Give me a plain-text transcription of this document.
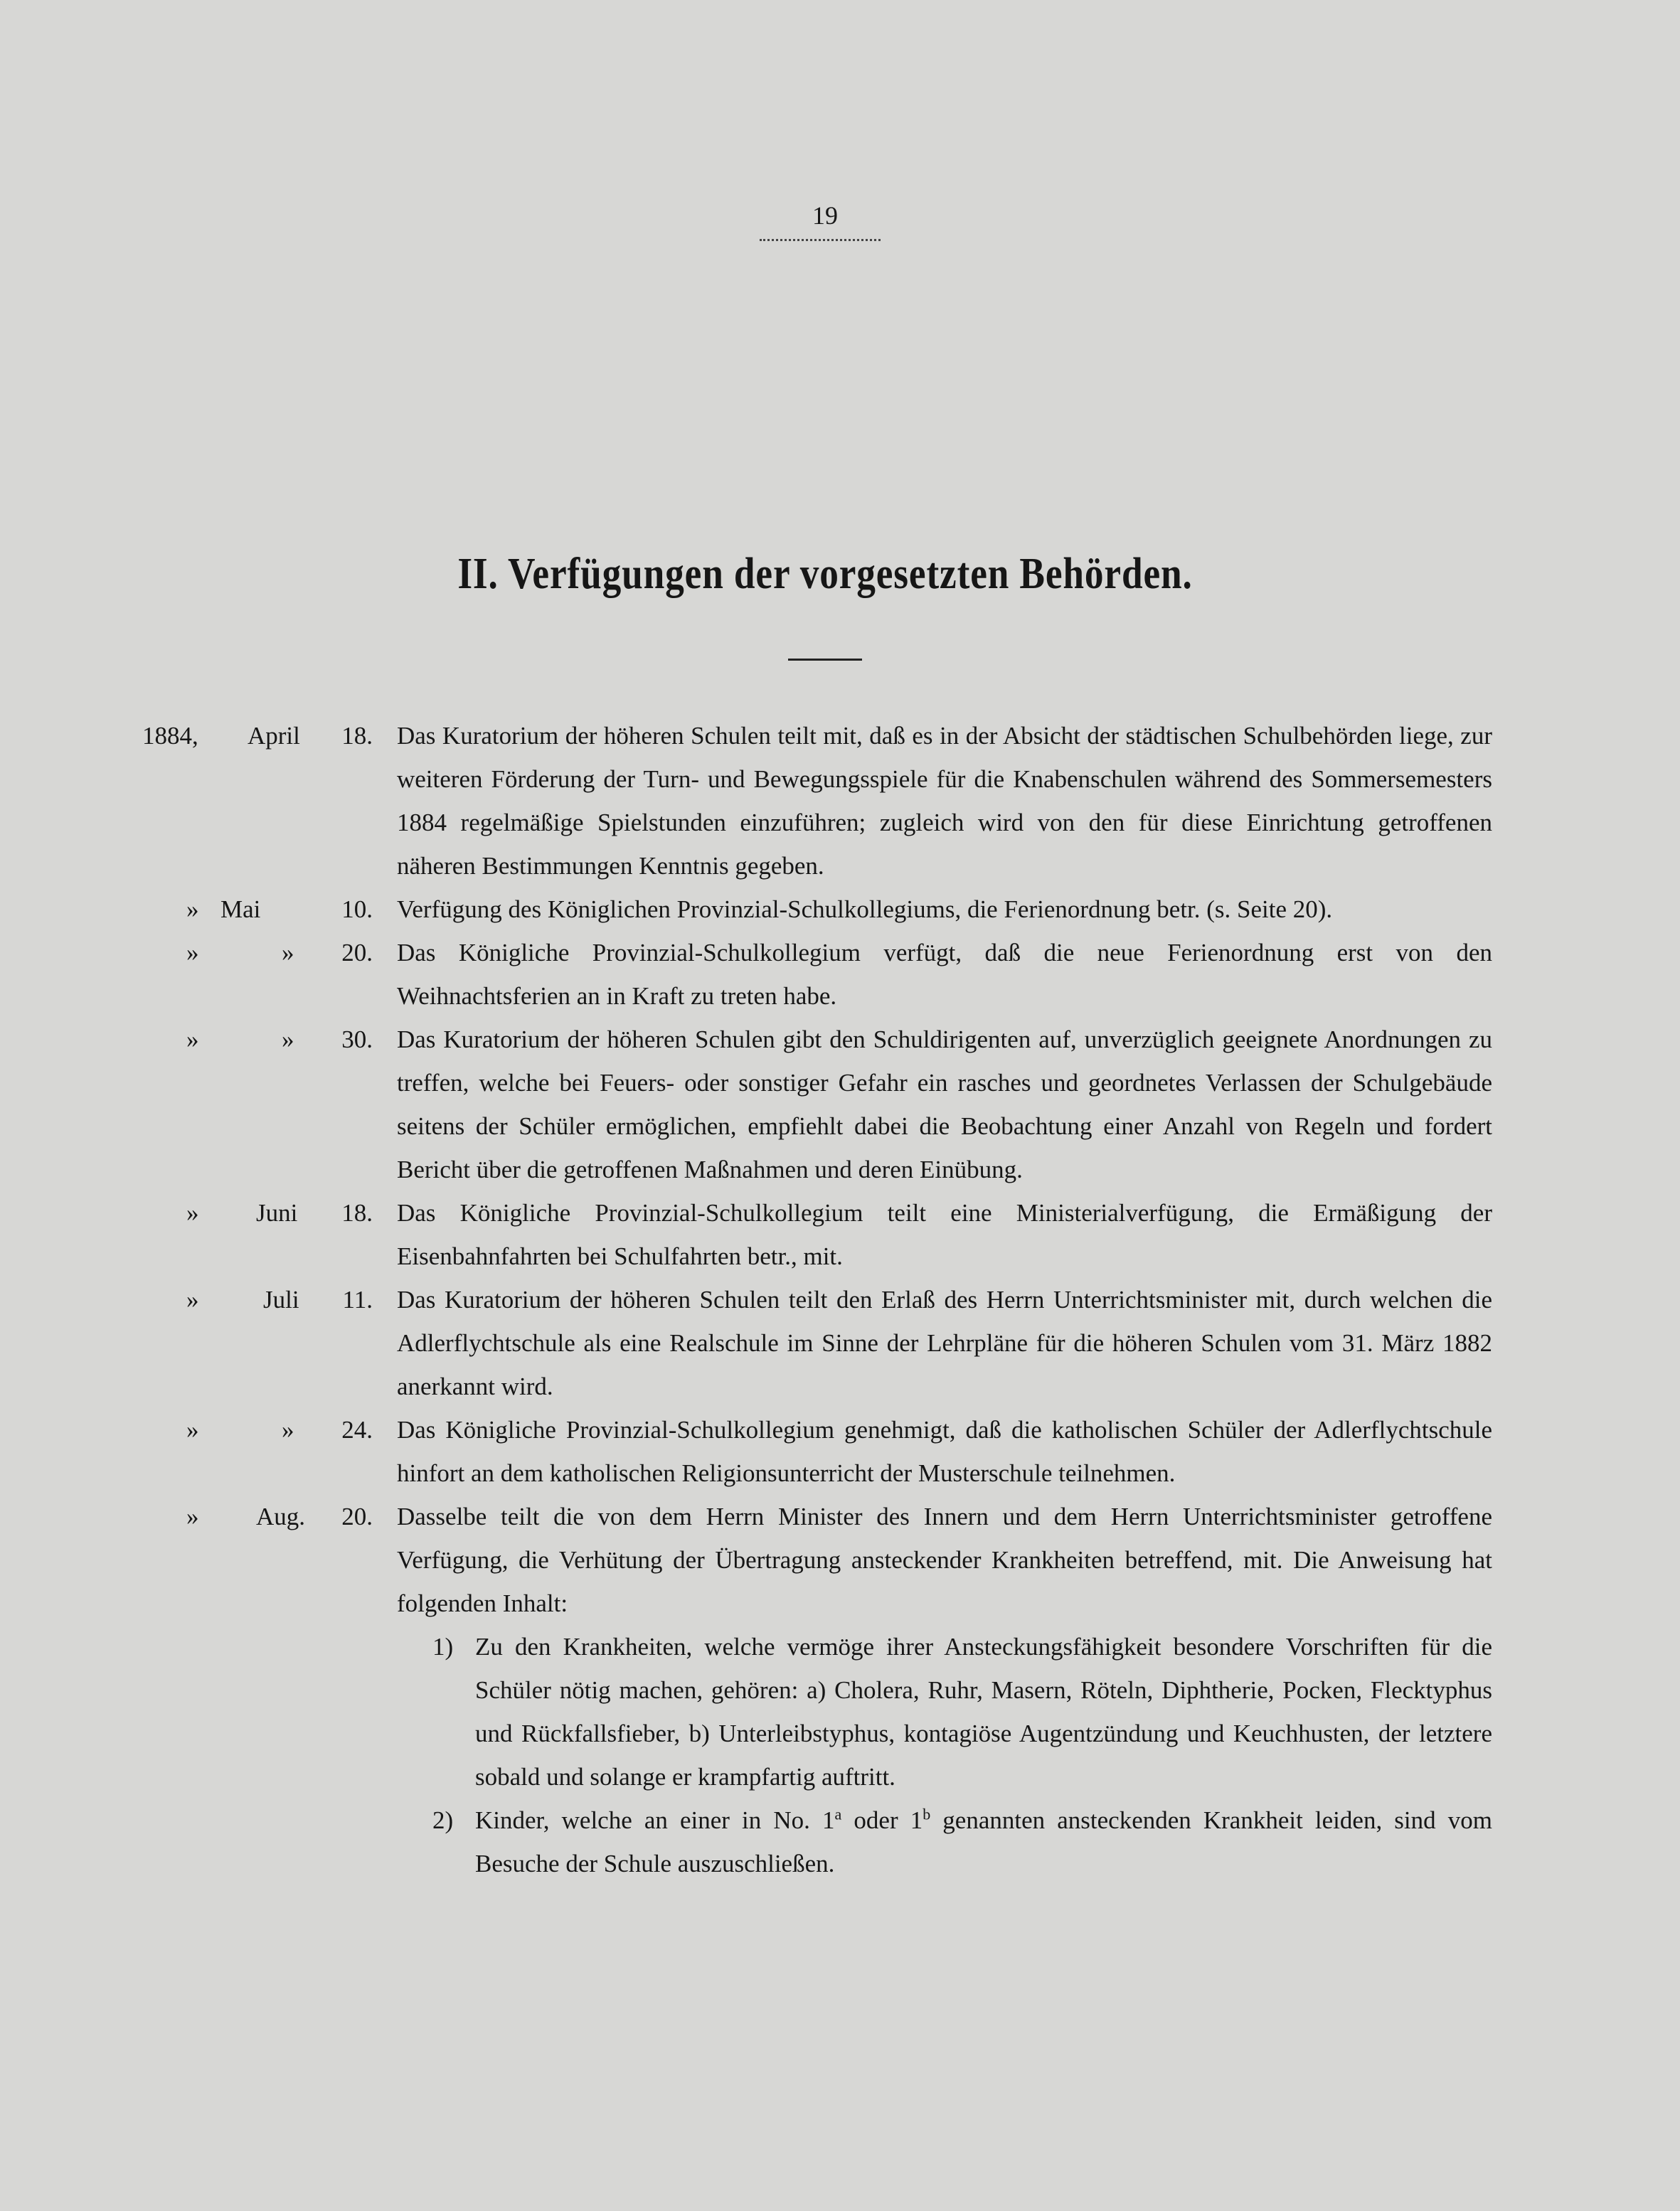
19
II. Verfügungen der vorgesetzten Behörden.
1884, April 18. Das Kuratorium der höheren Schulen teilt mit, daß es in der Absicht der städtischen Schulbehörden liege, zur weiteren Förderung der Turn- und Bewegungsspiele für die Knabenschulen während des Sommersemesters 1884 regelmäßige Spielstunden einzuführen; zugleich wird von den für diese Einrichtung getroffenen näheren Bestimmungen Kenntnis gegeben.
» Mai	10. Verfügung des Königlichen Provinzial-Schulkollegiums, die Ferienordnung betr. (s. Seite 20).
»	» 20. Das Königliche Provinzial-Schulkollegium verfügt, daß die neue Ferienordnung erst von den Weihnachtsferien an in Kraft zu treten habe.
»	» 30. Das Kuratorium der höheren Schulen gibt den Schuldirigenten auf, unverzüglich geeignete Anordnungen zu treffen, welche bei Feuers- oder sonstiger Gefahr ein rasches und geordnetes Verlassen der Schulgebäude seitens der Schüler ermöglichen, empfiehlt dabei die Beobachtung einer Anzahl von Regeln und fordert Bericht über die getroffenen Maßnahmen und deren Einübung.
» Juni 18. Das Königliche Provinzial-Schulkollegium teilt eine Ministerialverfügung, die Ermäßigung der Eisenbahnfahrten bei Schulfahrten betr., mit.
»	Juli 11. Das Kuratorium der höheren Schulen teilt den Erlaß des Herrn Unterrichtsminister mit, durch welchen die Adlerflychtschule als eine Realschule im Sinne der Lehrpläne für die höheren Schulen vom 31. März 1882 anerkannt wird.
»	» 24. Das Königliche Provinzial-Schulkollegium genehmigt, daß die katholischen Schüler der Adlerflychtschule hinfort an dem katholischen Religionsunterricht der Musterschule teilnehmen.
» Aug. 20. Dasselbe teilt die von dem Herrn Minister des Innern und dem Herrn Unterrichtsminister getroffene Verfügung, die Verhütung der Übertragung ansteckender Krankheiten betreffend, mit. Die Anweisung hat folgenden Inhalt:
1) Zu den Krankheiten, welche vermöge ihrer Ansteckungsfähigkeit besondere Vorschriften für die Schüler nötig machen, gehören: a) Cholera, Ruhr, Masern, Röteln, Diphtherie, Pocken, Flecktyphus und Rückfallsfieber, b) Unterleibstyphus, kontagiöse Augentzündung und Keuchhusten, der letztere sobald und solange er krampfartig auftritt.
2) Kinder, welche an einer in No. 1$^a$ oder 1$^b$ genannten ansteckenden Krankheit leiden, sind vom Besuche der Schule auszuschließen.
